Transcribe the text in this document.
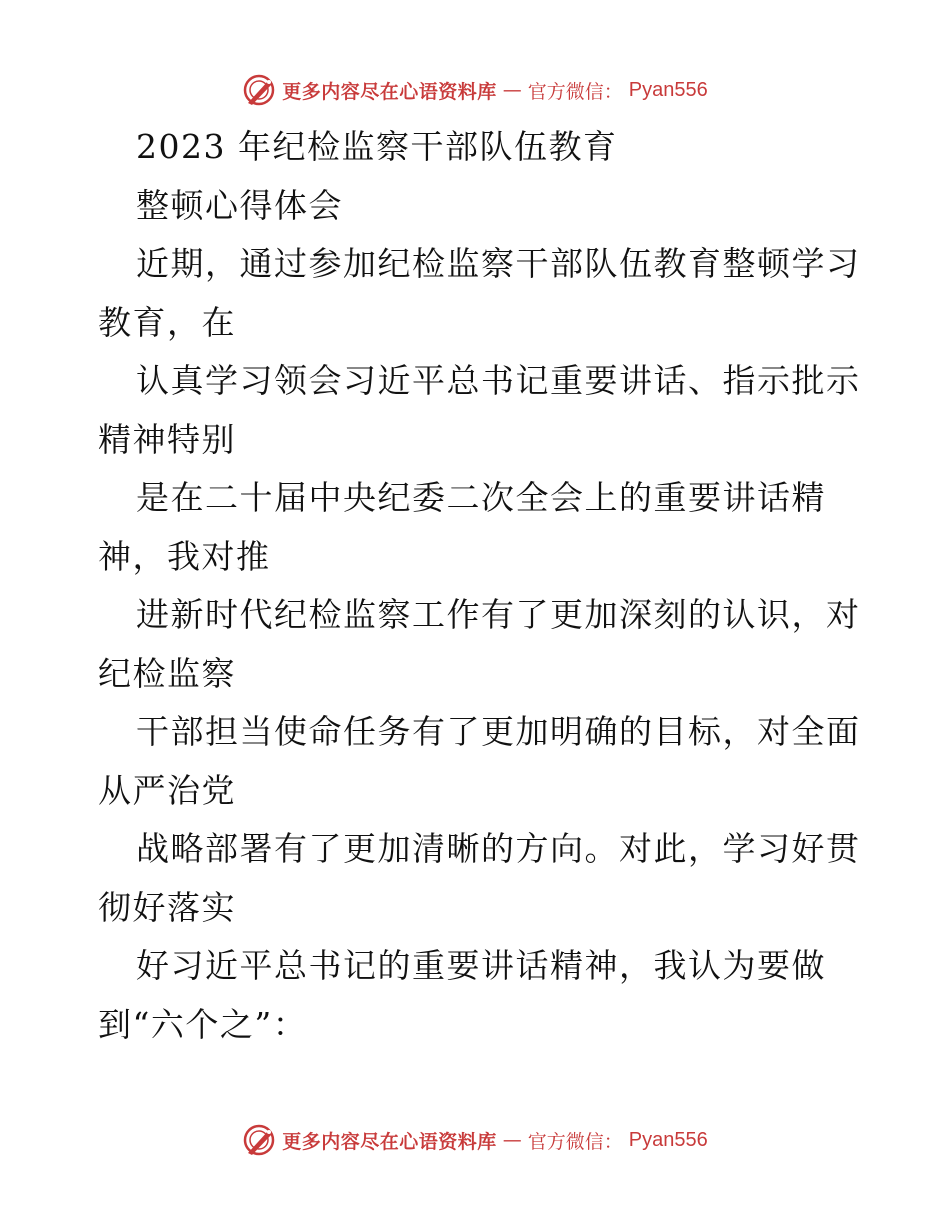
更多内容尽在心语资料库 — 官方微信： Pyan556
2023 年纪检监察干部队伍教育
整顿心得体会
近期，通过参加纪检监察干部队伍教育整顿学习
教育，在
认真学习领会习近平总书记重要讲话、指示批示
精神特别
是在二十届中央纪委二次全会上的重要讲话精
神，我对推
进新时代纪检监察工作有了更加深刻的认识，对
纪检监察
干部担当使命任务有了更加明确的目标，对全面
从严治党
战略部署有了更加清晰的方向。对此，学习好贯
彻好落实
好习近平总书记的重要讲话精神，我认为要做
到“六个之”：
更多内容尽在心语资料库 — 官方微信： Pyan556
